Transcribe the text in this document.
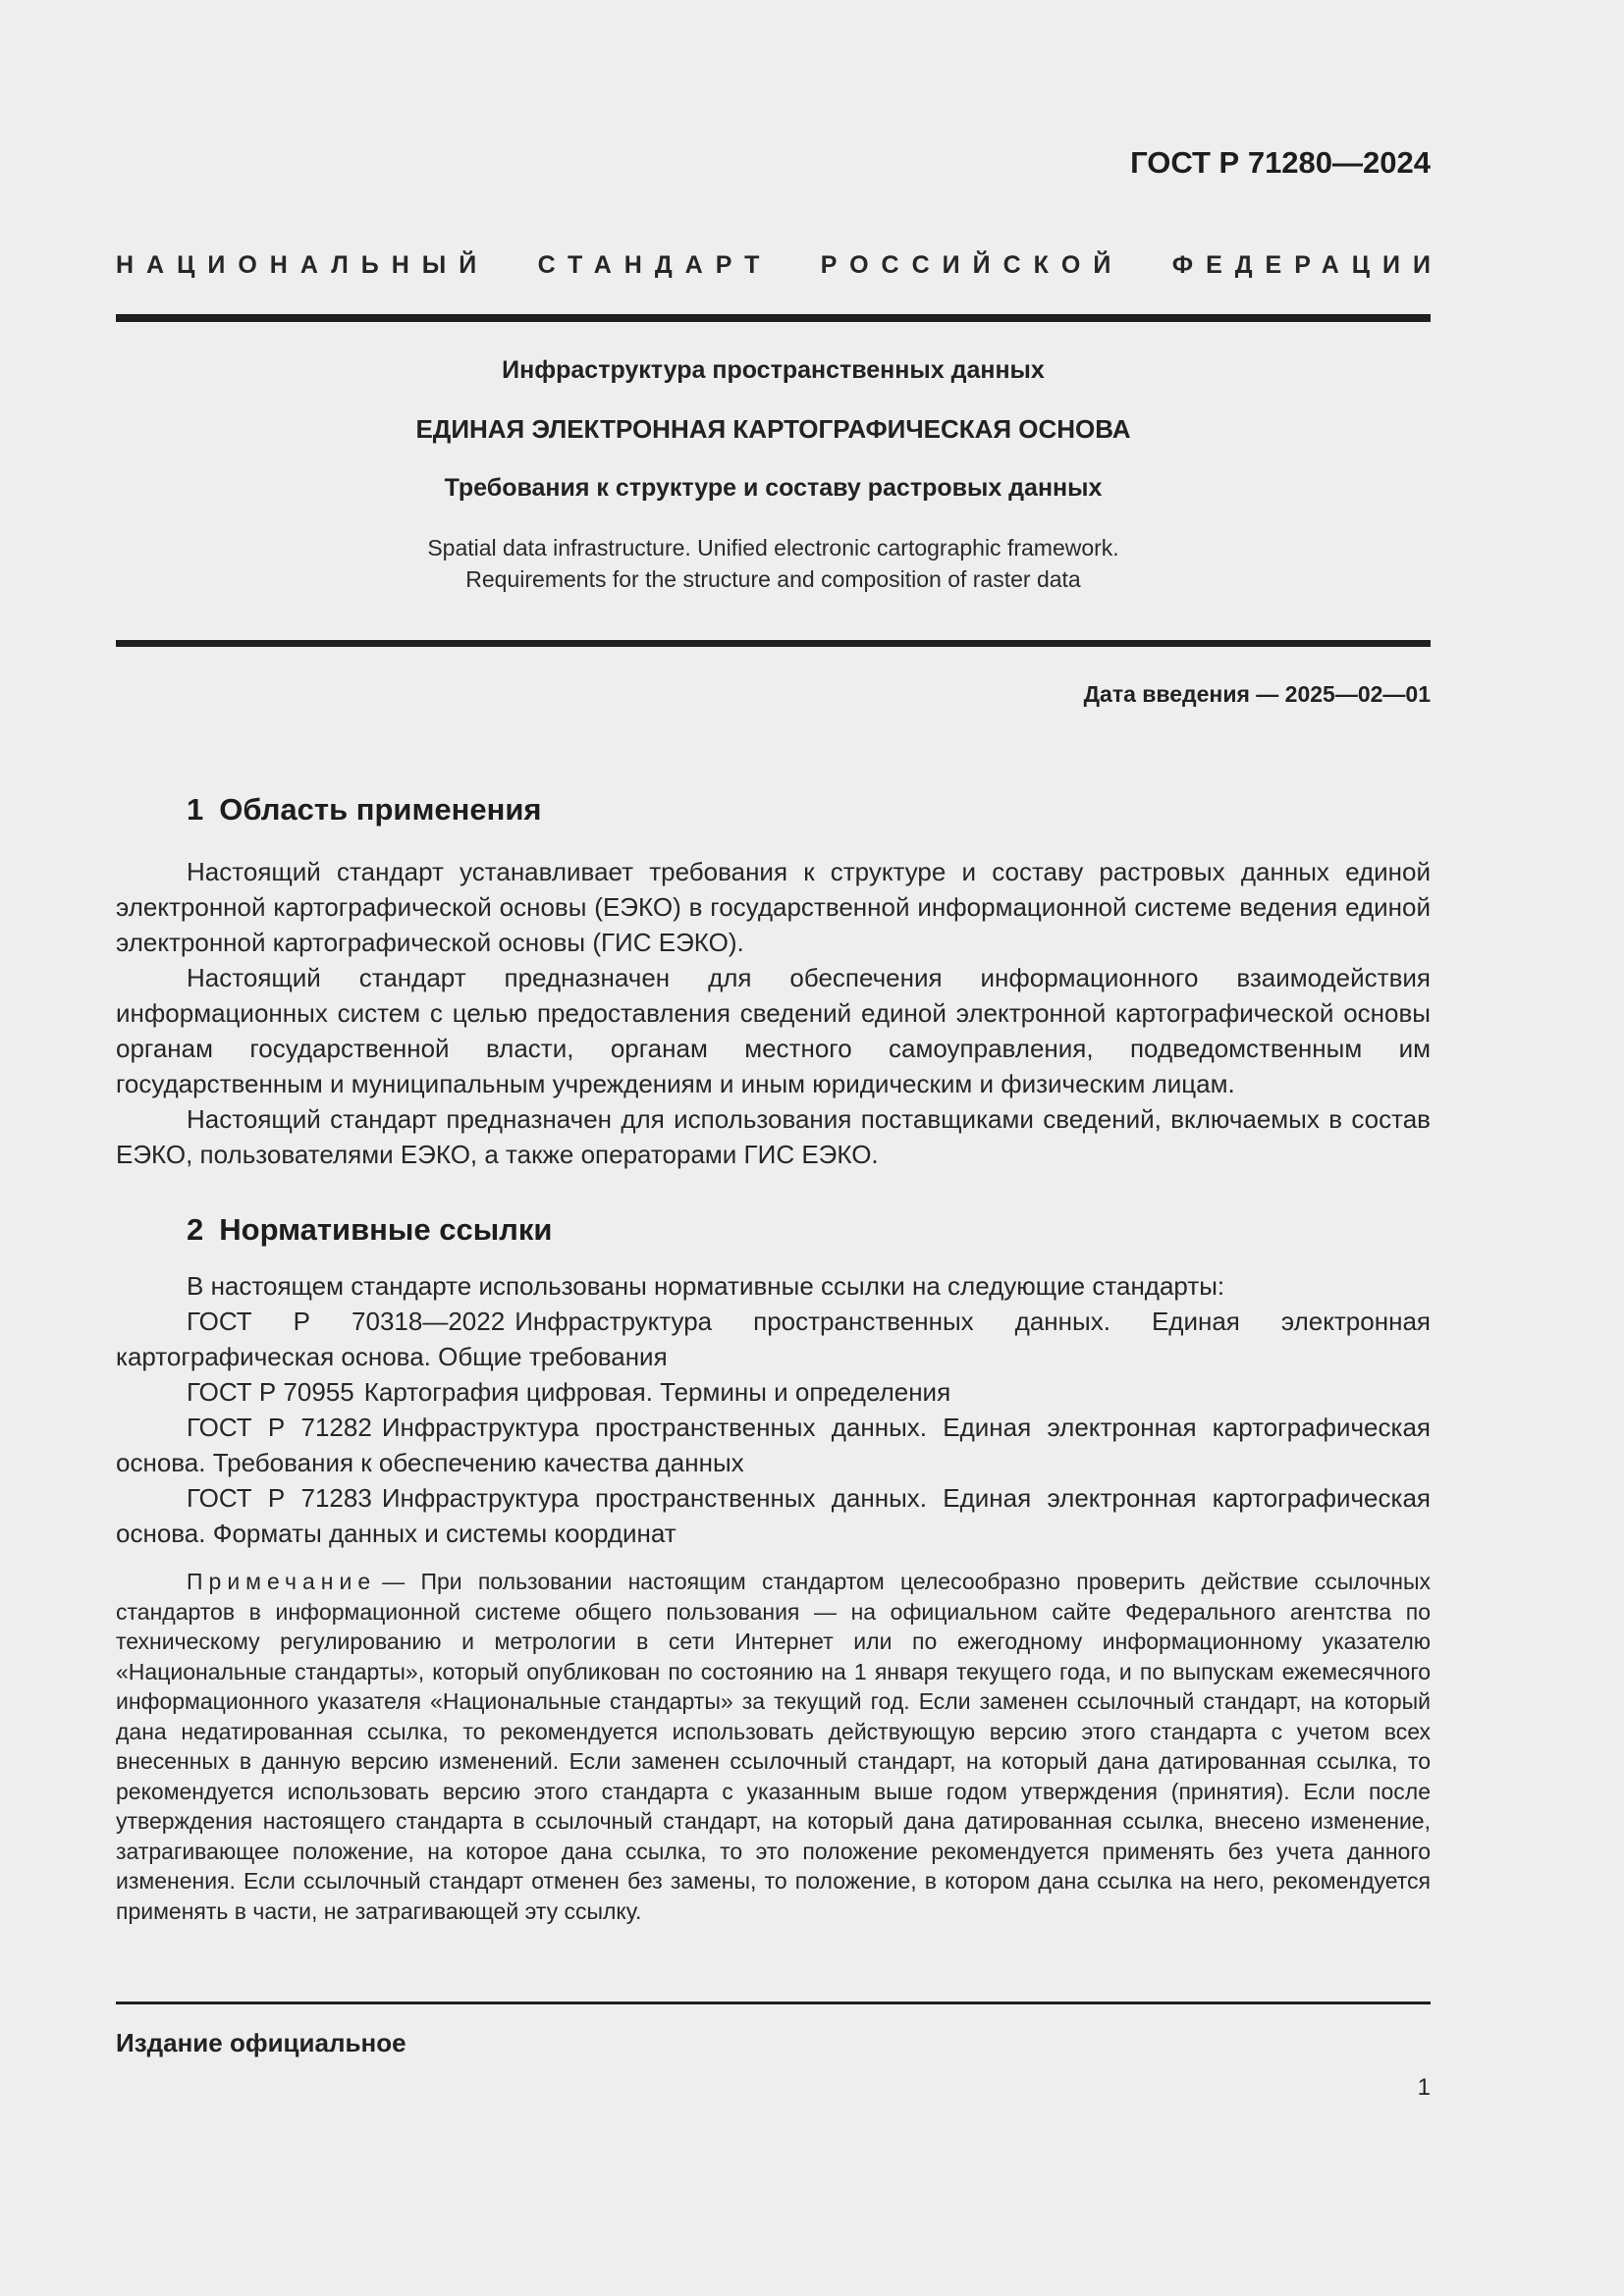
ГОСТ Р 71280—2024
НАЦИОНАЛЬНЫЙ СТАНДАРТ РОССИЙСКОЙ ФЕДЕРАЦИИ

Инфраструктура пространственных данных

ЕДИНАЯ ЭЛЕКТРОННАЯ КАРТОГРАФИЧЕСКАЯ ОСНОВА

Требования к структуре и составу растровых данных

Spatial data infrastructure. Unified electronic cartographic framework.
Requirements for the structure and composition of raster data

Дата введения — 2025—02—01
1 Область применения

Настоящий стандарт устанавливает требования к структуре и составу растровых данных единой электронной картографической основы (ЕЭКО) в государственной информационной системе ведения единой электронной картографической основы (ГИС ЕЭКО).

Настоящий стандарт предназначен для обеспечения информационного взаимодействия информационных систем с целью предоставления сведений единой электронной картографической основы органам государственной власти, органам местного самоуправления, подведомственным им государственным и муниципальным учреждениям и иным юридическим и физическим лицам.

Настоящий стандарт предназначен для использования поставщиками сведений, включаемых в состав ЕЭКО, пользователями ЕЭКО, а также операторами ГИС ЕЭКО.

2 Нормативные ссылки

В настоящем стандарте использованы нормативные ссылки на следующие стандарты:

ГОСТ Р 70318—2022 Инфраструктура пространственных данных. Единая электронная картографическая основа. Общие требования

ГОСТ Р 70955 Картография цифровая. Термины и определения

ГОСТ Р 71282 Инфраструктура пространственных данных. Единая электронная картографическая основа. Требования к обеспечению качества данных

ГОСТ Р 71283 Инфраструктура пространственных данных. Единая электронная картографическая основа. Форматы данных и системы координат

Примечание — При пользовании настоящим стандартом целесообразно проверить действие ссылочных стандартов в информационной системе общего пользования — на официальном сайте Федерального агентства по техническому регулированию и метрологии в сети Интернет или по ежегодному информационному указателю «Национальные стандарты», который опубликован по состоянию на 1 января текущего года, и по выпускам ежемесячного информационного указателя «Национальные стандарты» за текущий год. Если заменен ссылочный стандарт, на который дана недатированная ссылка, то рекомендуется использовать действующую версию этого стандарта с учетом всех внесенных в данную версию изменений. Если заменен ссылочный стандарт, на который дана датированная ссылка, то рекомендуется использовать версию этого стандарта с указанным выше годом утверждения (принятия). Если после утверждения настоящего стандарта в ссылочный стандарт, на который дана датированная ссылка, внесено изменение, затрагивающее положение, на которое дана ссылка, то это положение рекомендуется применять без учета данного изменения. Если ссылочный стандарт отменен без замены, то положение, в котором дана ссылка на него, рекомендуется применять в части, не затрагивающей эту ссылку.

Издание официальное
1
